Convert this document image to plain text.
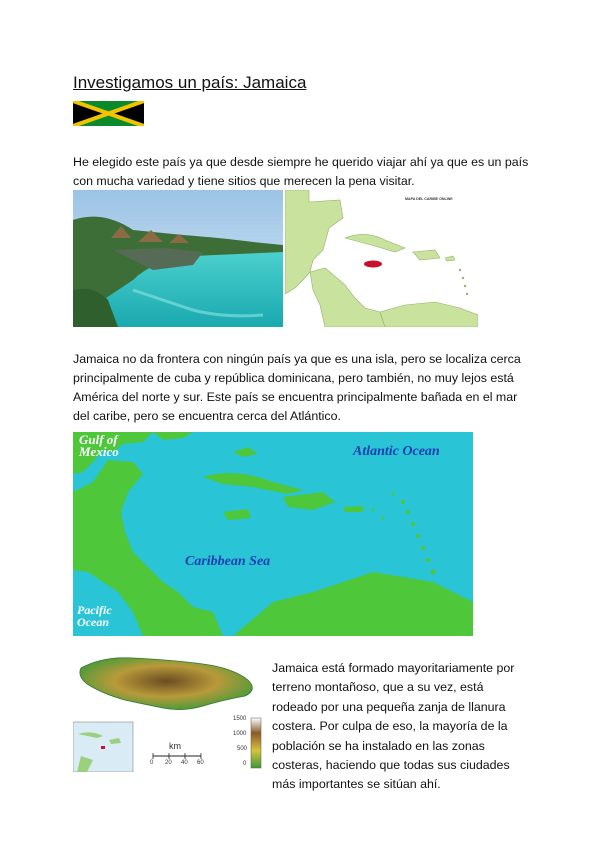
Investigamos un país: Jamaica
He elegido este país ya que desde siempre he querido viajar ahí ya que es un país con mucha variedad y tiene sitios que merecen la pena visitar.
MAPA DEL CARIBE ONLINE
Jamaica no da frontera con ningún país ya que es una isla, pero se localiza cerca principalmente de cuba y república dominicana, pero también, no muy lejos está América del norte y sur. Este país se encuentra principalmente bañada en el mar del caribe, pero se encuentra cerca del Atlántico.
Gulf of
Mexico	Atlantic Ocean
Caribbean Sea
Pacific
Ocean
km
0 20 40 60
1500
1000
500
0
Jamaica está formado mayoritariamente por terreno montañoso, que a su vez, está rodeado por una pequeña zanja de llanura costera. Por culpa de eso, la mayoría de la población se ha instalado en las zonas costeras, haciendo que todas sus ciudades más importantes se sitúan ahí.
